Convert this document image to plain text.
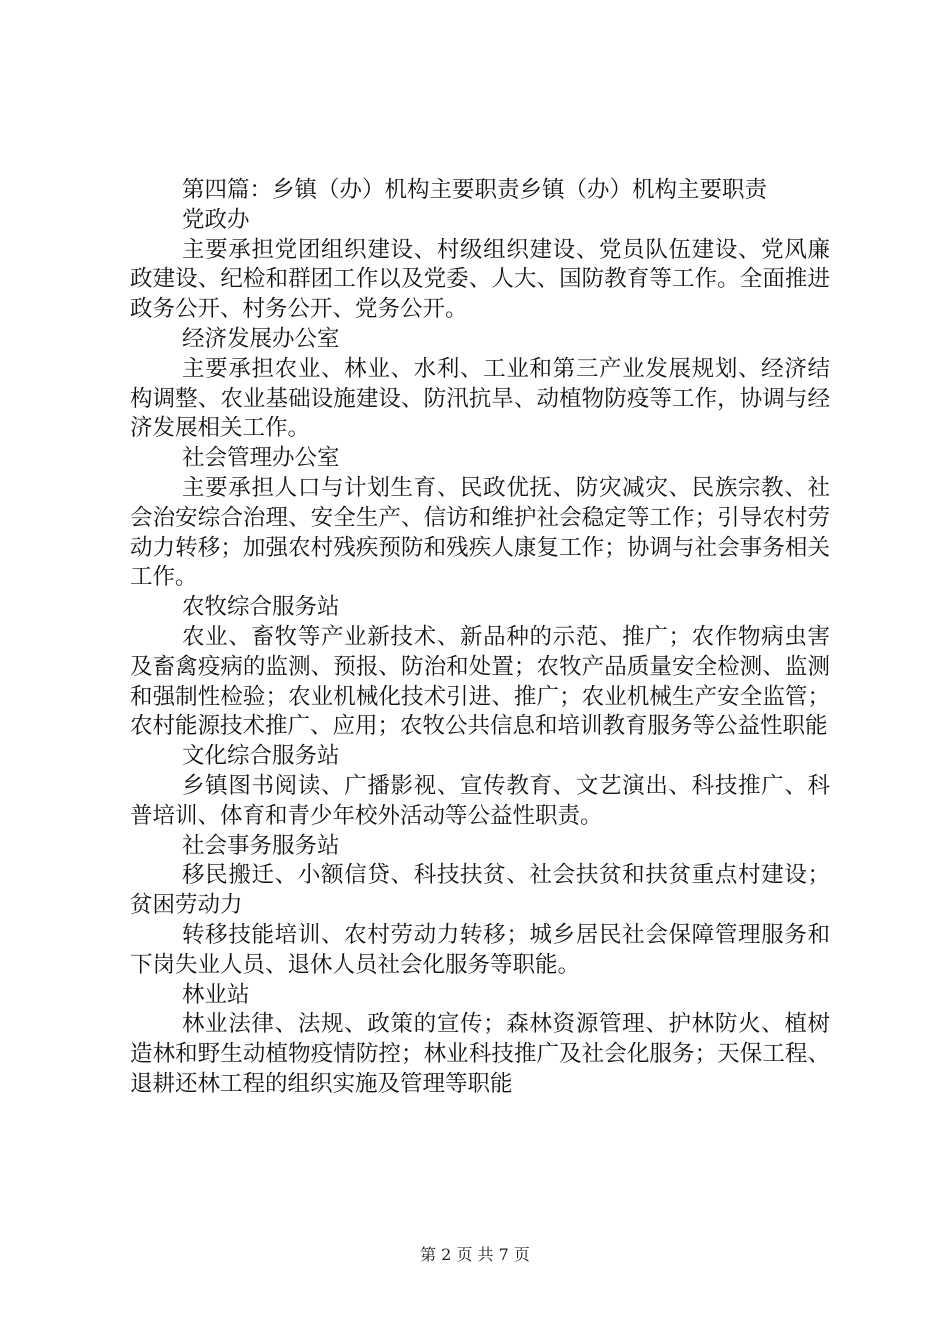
第四篇：乡镇（办）机构主要职责乡镇（办）机构主要职责

党政办

主要承担党团组织建设、村级组织建设、党员队伍建设、党风廉政建设、纪检和群团工作以及党委、人大、国防教育等工作。全面推进政务公开、村务公开、党务公开。

经济发展办公室

主要承担农业、林业、水利、工业和第三产业发展规划、经济结构调整、农业基础设施建设、防汛抗旱、动植物防疫等工作，协调与经济发展相关工作。

社会管理办公室

主要承担人口与计划生育、民政优抚、防灾减灾、民族宗教、社会治安综合治理、安全生产、信访和维护社会稳定等工作；引导农村劳动力转移；加强农村残疾预防和残疾人康复工作；协调与社会事务相关工作。

农牧综合服务站

农业、畜牧等产业新技术、新品种的示范、推广；农作物病虫害及畜禽疫病的监测、预报、防治和处置；农牧产品质量安全检测、监测和强制性检验；农业机械化技术引进、推广；农业机械生产安全监管；农村能源技术推广、应用；农牧公共信息和培训教育服务等公益性职能

文化综合服务站

乡镇图书阅读、广播影视、宣传教育、文艺演出、科技推广、科普培训、体育和青少年校外活动等公益性职责。

社会事务服务站

移民搬迁、小额信贷、科技扶贫、社会扶贫和扶贫重点村建设；贫困劳动力

转移技能培训、农村劳动力转移；城乡居民社会保障管理服务和下岗失业人员、退休人员社会化服务等职能。

林业站

林业法律、法规、政策的宣传；森林资源管理、护林防火、植树造林和野生动植物疫情防控；林业科技推广及社会化服务；天保工程、退耕还林工程的组织实施及管理等职能

第 2 页 共 7 页
